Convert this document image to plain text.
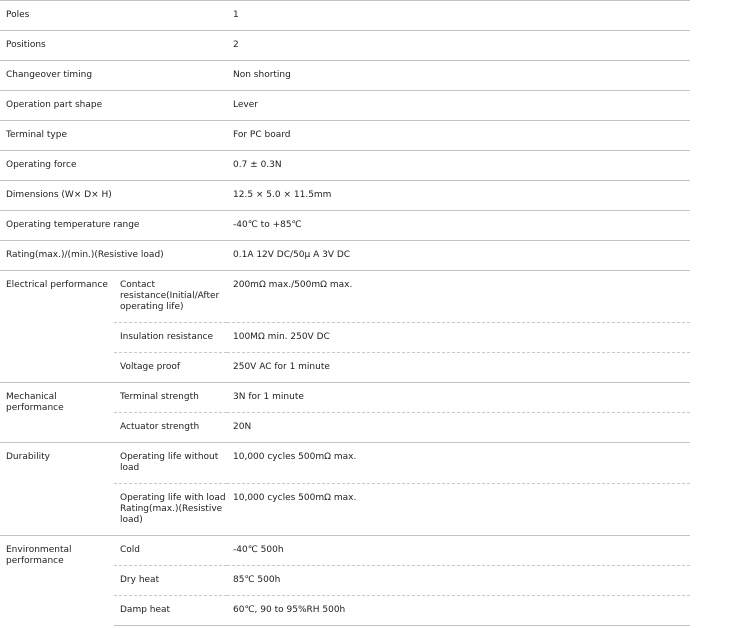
Poles		1

Positions		2

Changeover timing		Non shorting

Operation part shape		Lever

Terminal type		For PC board

Operating force		0.7 ± 0.3N

Dimensions (W× D× H)		12.5 × 5.0 × 11.5mm

Operating temperature range		-40℃ to +85℃

Rating(max.)/(min.)(Resistive load)		0.1A 12V DC/50μ A 3V DC

Electrical performance	Contact resistance(Initial/After operating life)	200mΩ max./500mΩ max.

	Insulation resistance	100MΩ min. 250V DC

	Voltage proof	250V AC for 1 minute

Mechanical performance	Terminal strength	3N for 1 minute

	Actuator strength	20N

Durability	Operating life without load	10,000 cycles 500mΩ max.

	Operating life with load Rating(max.)(Resistive load)	10,000 cycles 500mΩ max.

Environmental performance	Cold	-40℃ 500h

	Dry heat	85℃ 500h

	Damp heat	60℃, 90 to 95%RH 500h
